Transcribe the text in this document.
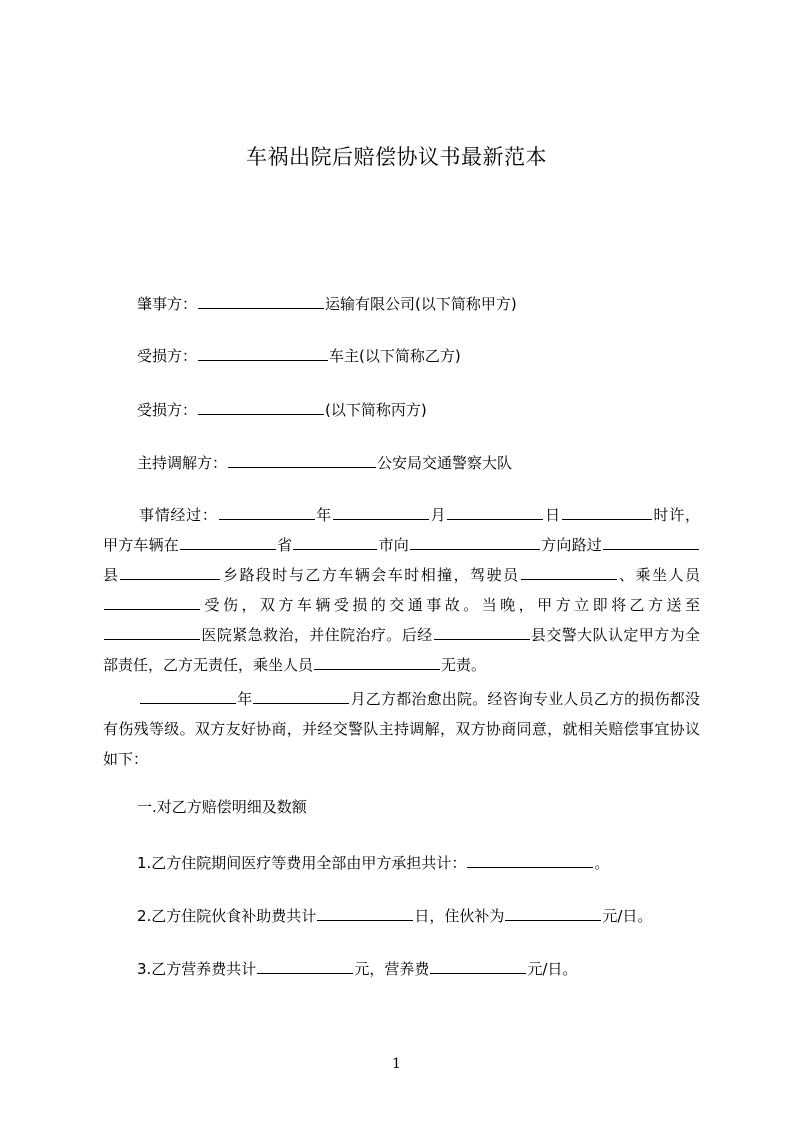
车祸出院后赔偿协议书最新范本
肇事方：	运输有限公司(以下简称甲方)
受损方：	车主(以下简称乙方)
受损方：	(以下简称丙方)
主持调解方：	公安局交通警察大队
事情经过：	年	月	日	时许，甲方车辆在	省	市向	方向路过县	乡路段时与乙方车辆会车时相撞，驾驶员	、乘坐人员受伤，双方车辆受损的交通事故。当晚，甲方立即将乙方送至医院紧急救治，并住院治疗。后经	县交警大队认定甲方为全部责任，乙方无责任，乘坐人员	无责。
年	月乙方都治愈出院。经咨询专业人员乙方的损伤都没有伤残等级。双方友好协商，并经交警队主持调解，双方协商同意，就相关赔偿事宜协议如下：
一.对乙方赔偿明细及数额
1.乙方住院期间医疗等费用全部由甲方承担共计：	。
2.乙方住院伙食补助费共计	日，住伙补为	元/日。
3.乙方营养费共计	元，营养费	元/日。
1
